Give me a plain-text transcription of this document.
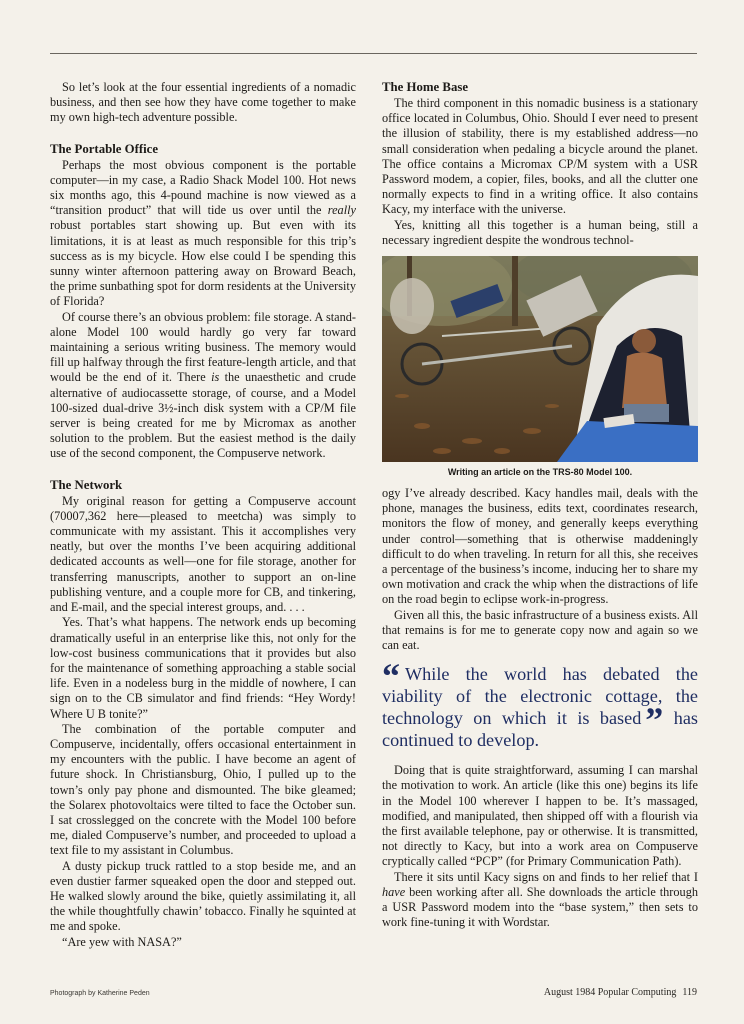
So let’s look at the four essential ingredients of a nomadic business, and then see how they have come together to make my own high-tech adventure possible.

The Portable Office

Perhaps the most obvious component is the portable computer—in my case, a Radio Shack Model 100. Hot news six months ago, this 4-pound machine is now viewed as a “transition product” that will tide us over until the really robust portables start showing up. But even with its limitations, it is at least as much responsible for this trip’s success as is my bicycle. How else could I be spending this sunny winter afternoon pattering away on Broward Beach, the prime sunbathing spot for dorm residents at the University of Florida?

Of course there’s an obvious problem: file storage. A stand-alone Model 100 would hardly go very far toward maintaining a serious writing business. The memory would fill up halfway through the first feature-length article, and that would be the end of it. There is the unaesthetic and crude alternative of audiocassette storage, of course, and a Model 100-sized dual-drive 3½-inch disk system with a CP/M file server is being created for me by Micromax as another solution to the problem. But the easiest method is the daily use of the second component, the Compuserve network.

The Network

My original reason for getting a Compuserve account (70007,362 here—pleased to meetcha) was simply to communicate with my assistant. This it accomplishes very neatly, but over the months I’ve been acquiring additional dedicated accounts as well—one for file storage, another for transferring manuscripts, another to support an on-line publishing venture, and a couple more for CB, and tinkering, and E-mail, and the special interest groups, and. . . .

Yes. That’s what happens. The network ends up becoming dramatically useful in an enterprise like this, not only for the low-cost business communications that it provides but also for the maintenance of something approaching a stable social life. Even in a nodeless burg in the middle of nowhere, I can sign on to the CB simulator and find friends: “Hey Wordy! Where U B tonite?”

The combination of the portable computer and Compuserve, incidentally, offers occasional entertainment in my encounters with the public. I have become an agent of future shock. In Christiansburg, Ohio, I pulled up to the town’s only pay phone and dismounted. The bike gleamed; the Solarex photovoltaics were tilted to face the October sun. I sat crosslegged on the concrete with the Model 100 before me, dialed Compuserve’s number, and proceeded to upload a text file to my assistant in Columbus.

A dusty pickup truck rattled to a stop beside me, and an even dustier farmer squeaked open the door and stepped out. He walked slowly around the bike, quietly assimilating it, all the while thoughtfully chawin’ tobacco. Finally he squinted at me and spoke.

“Are yew with NASA?”

The Home Base

The third component in this nomadic business is a stationary office located in Columbus, Ohio. Should I ever need to present the illusion of stability, there is my established address—no small consideration when pedaling a bicycle around the planet. The office contains a Micromax CP/M system with a USR Password modem, a copier, files, books, and all the clutter one normally expects to find in a writing office. It also contains Kacy, my interface with the universe.

Yes, knitting all this together is a human being, still a necessary ingredient despite the wondrous technol-

Writing an article on the TRS-80 Model 100.

ogy I’ve already described. Kacy handles mail, deals with the phone, manages the business, edits text, coordinates research, monitors the flow of money, and generally keeps everything under control—something that is otherwise maddeningly difficult to do when traveling. In return for all this, she receives a percentage of the business’s income, inducing her to share my own motivation and crack the whip when the distractions of life on the road begin to eclipse work-in-progress.

Given all this, the basic infrastructure of a business exists. All that remains is for me to generate copy now and again so we can eat.

“ While the world has debated the viability of the electronic cottage, the technology on which it is based ” has continued to develop.

Doing that is quite straightforward, assuming I can marshal the motivation to work. An article (like this one) begins its life in the Model 100 wherever I happen to be. It’s massaged, modified, and manipulated, then shipped off with a flourish via the first available telephone, pay or otherwise. It is transmitted, not directly to Kacy, but into a work area on Compuserve cryptically called “PCP” (for Primary Communication Path).

There it sits until Kacy signs on and finds to her relief that I have been working after all. She downloads the article through a USR Password modem into the “base system,” then sets to work fine-tuning it with Wordstar.

Photograph by Katherine Peden	August 1984 Popular Computing 119
